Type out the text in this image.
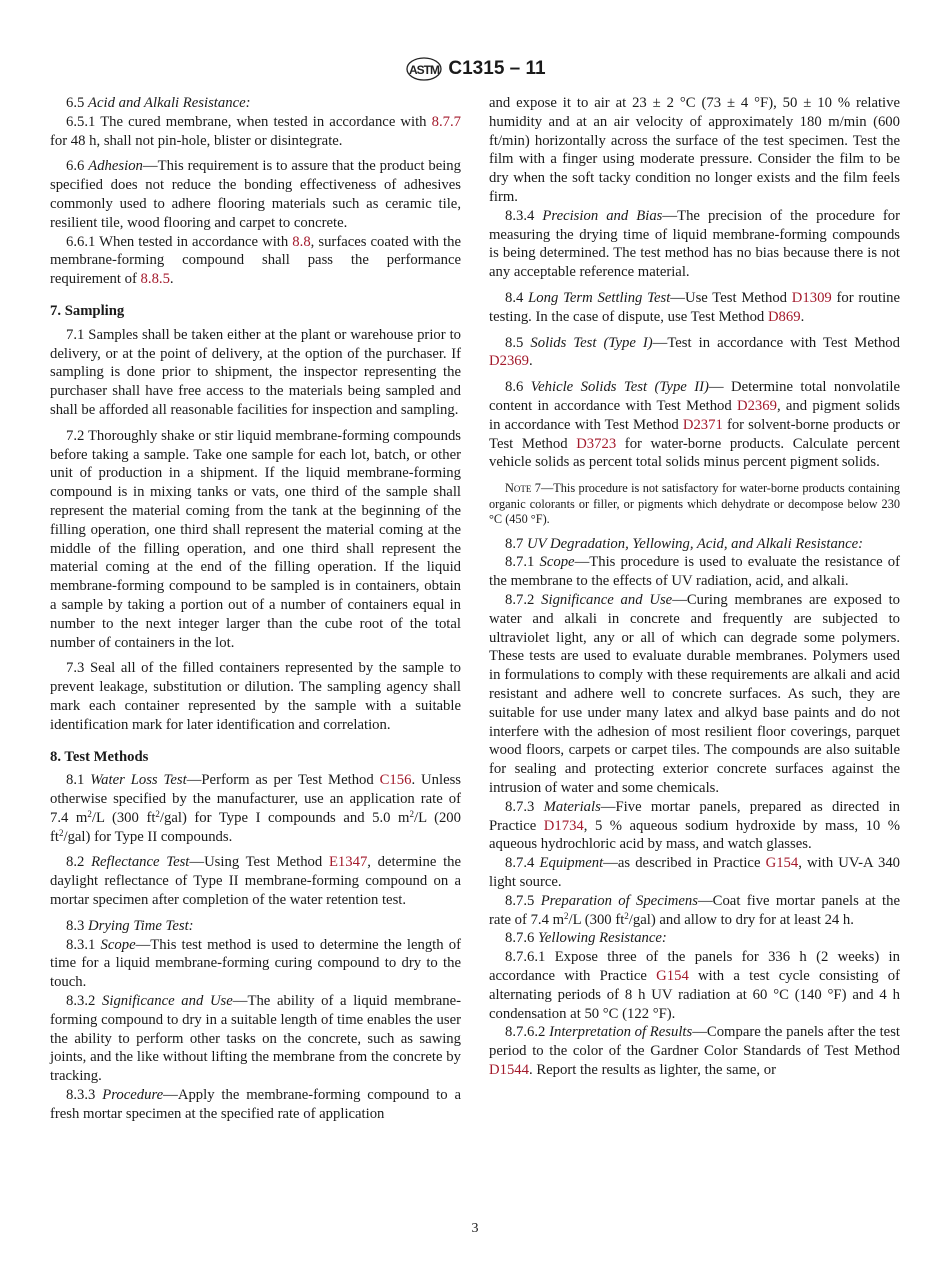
ASTM C1315 – 11

6.5 Acid and Alkali Resistance:

6.5.1 The cured membrane, when tested in accordance with 8.7.7 for 48 h, shall not pin-hole, blister or disintegrate.

6.6 Adhesion—This requirement is to assure that the product being specified does not reduce the bonding effectiveness of adhesives commonly used to adhere flooring materials such as ceramic tile, resilient tile, wood flooring and carpet to concrete.

6.6.1 When tested in accordance with 8.8, surfaces coated with the membrane-forming compound shall pass the performance requirement of 8.8.5.

7. Sampling

7.1 Samples shall be taken either at the plant or warehouse prior to delivery, or at the point of delivery, at the option of the purchaser. If sampling is done prior to shipment, the inspector representing the purchaser shall have free access to the materials being sampled and shall be afforded all reasonable facilities for inspection and sampling.

7.2 Thoroughly shake or stir liquid membrane-forming compounds before taking a sample. Take one sample for each lot, batch, or other unit of production in a shipment. If the liquid membrane-forming compound is in mixing tanks or vats, one third of the sample shall represent the material coming from the tank at the beginning of the filling operation, one third shall represent the material coming at the middle of the filling operation, and one third shall represent the material coming at the end of the filling operation. If the liquid membrane-forming compound to be sampled is in containers, obtain a sample by taking a portion out of a number of containers equal in number to the next integer larger than the cube root of the total number of containers in the lot.

7.3 Seal all of the filled containers represented by the sample to prevent leakage, substitution or dilution. The sampling agency shall mark each container represented by the sample with a suitable identification mark for later identification and correlation.

8. Test Methods

8.1 Water Loss Test—Perform as per Test Method C156. Unless otherwise specified by the manufacturer, use an application rate of 7.4 $m^2/L$ (300 $ft^2/gal$) for Type I compounds and 5.0 $m^2/L$ (200 $ft^2/gal$) for Type II compounds.

8.2 Reflectance Test—Using Test Method E1347, determine the daylight reflectance of Type II membrane-forming compound on a mortar specimen after completion of the water retention test.

8.3 Drying Time Test:

8.3.1 Scope—This test method is used to determine the length of time for a liquid membrane-forming curing compound to dry to the touch.

8.3.2 Significance and Use—The ability of a liquid membrane-forming compound to dry in a suitable length of time enables the user the ability to perform other tasks on the concrete, such as sawing joints, and the like without lifting the membrane from the concrete by tracking.

8.3.3 Procedure—Apply the membrane-forming compound to a fresh mortar specimen at the specified rate of application

and expose it to air at 23 ± 2 °C (73 ± 4 °F), 50 ± 10 % relative humidity and at an air velocity of approximately 180 m/min (600 ft/min) horizontally across the surface of the test specimen. Test the film with a finger using moderate pressure. Consider the film to be dry when the soft tacky condition no longer exists and the film feels firm.

8.3.4 Precision and Bias—The precision of the procedure for measuring the drying time of liquid membrane-forming compounds is being determined. The test method has no bias because there is not any acceptable reference material.

8.4 Long Term Settling Test—Use Test Method D1309 for routine testing. In the case of dispute, use Test Method D869.

8.5 Solids Test (Type I)—Test in accordance with Test Method D2369.

8.6 Vehicle Solids Test (Type II)— Determine total nonvolatile content in accordance with Test Method D2369, and pigment solids in accordance with Test Method D2371 for solvent-borne products or Test Method D3723 for water-borne products. Calculate percent vehicle solids as percent total solids minus percent pigment solids.

Note 7—This procedure is not satisfactory for water-borne products containing organic colorants or filler, or pigments which dehydrate or decompose below 230 °C (450 °F).

8.7 UV Degradation, Yellowing, Acid, and Alkali Resistance:

8.7.1 Scope—This procedure is used to evaluate the resistance of the membrane to the effects of UV radiation, acid, and alkali.

8.7.2 Significance and Use—Curing membranes are exposed to water and alkali in concrete and frequently are subjected to ultraviolet light, any or all of which can degrade some polymers. These tests are used to evaluate durable membranes. Polymers used in formulations to comply with these requirements are alkali and acid resistant and adhere well to concrete surfaces. As such, they are suitable for use under many latex and alkyd base paints and do not interfere with the adhesion of most resilient floor coverings, parquet wood floors, carpets or carpet tiles. The compounds are also suitable for sealing and protecting exterior concrete surfaces against the intrusion of water and some chemicals.

8.7.3 Materials—Five mortar panels, prepared as directed in Practice D1734, 5 % aqueous sodium hydroxide by mass, 10 % aqueous hydrochloric acid by mass, and watch glasses.

8.7.4 Equipment—as described in Practice G154, with UV-A 340 light source.

8.7.5 Preparation of Specimens—Coat five mortar panels at the rate of 7.4 $m^2/L$ (300 $ft^2/gal$) and allow to dry for at least 24 h.

8.7.6 Yellowing Resistance:

8.7.6.1 Expose three of the panels for 336 h (2 weeks) in accordance with Practice G154 with a test cycle consisting of alternating periods of 8 h UV radiation at 60 °C (140 °F) and 4 h condensation at 50 °C (122 °F).

8.7.6.2 Interpretation of Results—Compare the panels after the test period to the color of the Gardner Color Standards of Test Method D1544. Report the results as lighter, the same, or

3
